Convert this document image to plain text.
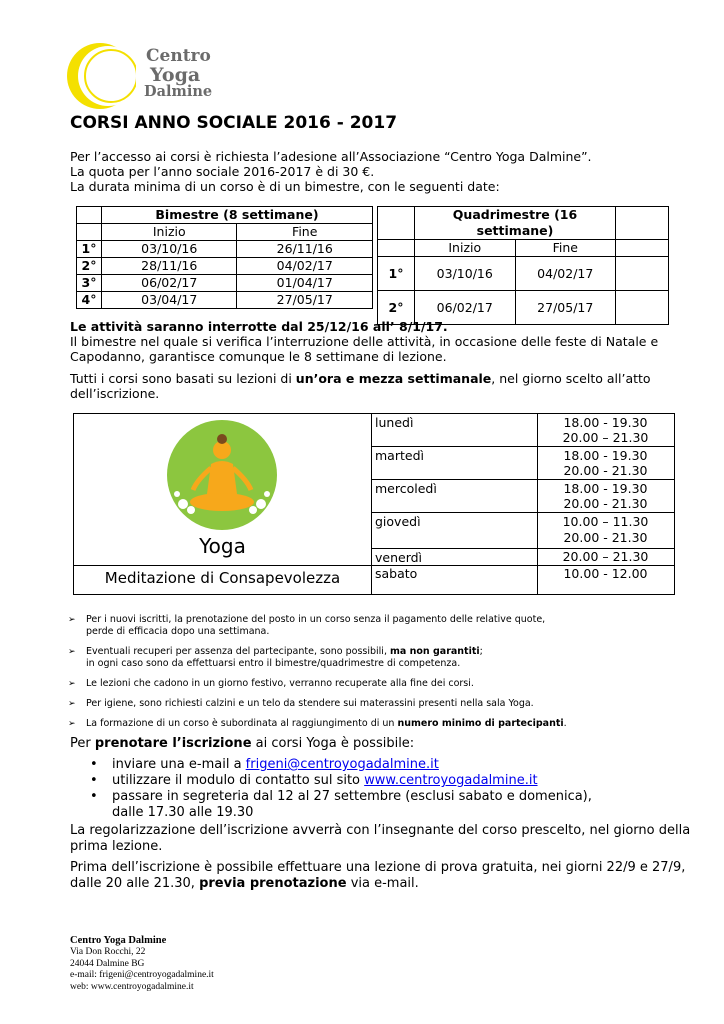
Centro
Yoga
Dalmine
CORSI ANNO SOCIALE 2016 - 2017
Per l’accesso ai corsi è richiesta l’adesione all’Associazione “Centro Yoga Dalmine”.
La quota per l’anno sociale 2016-2017 è di 30 €.
La durata minima di un corso è di un bimestre, con le seguenti date:
	Bimestre (8 settimane)	
	Inizio	Fine
1°	03/10/16	26/11/16
2°	28/11/16	04/02/17
3°	06/02/17	01/04/17
4°	03/04/17	27/05/17
	Quadrimestre (16 settimane)		
	Inizio	Fine	
1°	03/10/16	04/02/17	
2°	06/02/17	27/05/17	
Le attività saranno interrotte dal 25/12/16 all’ 8/1/17.
Il bimestre nel quale si verifica l’interruzione delle attività, in occasione delle feste di Natale e
Capodanno, garantisce comunque le 8 settimane di lezione.
Tutti i corsi sono basati su lezioni di un’ora e mezza settimanale, nel giorno scelto all’atto
dell’iscrizione.
Yoga
Meditazione di Consapevolezza
lunedì	18.00 - 19.30
20.00 – 21.30
martedì	18.00 - 19.30
20.00 - 21.30
mercoledì	18.00 - 19.30
20.00 - 21.30
giovedì	10.00 – 11.30
20.00 - 21.30
venerdì	20.00 – 21.30
sabato	10.00 - 12.00
➢ Per i nuovi iscritti, la prenotazione del posto in un corso senza il pagamento delle relative quote,
perde di efficacia dopo una settimana.
➢ Eventuali recuperi per assenza del partecipante, sono possibili, ma non garantiti;
in ogni caso sono da effettuarsi entro il bimestre/quadrimestre di competenza.
➢ Le lezioni che cadono in un giorno festivo, verranno recuperate alla fine dei corsi.
➢ Per igiene, sono richiesti calzini e un telo da stendere sui materassini presenti nella sala Yoga.
➢ La formazione di un corso è subordinata al raggiungimento di un numero minimo di partecipanti.
Per prenotare l’iscrizione ai corsi Yoga è possibile:
• inviare una e-mail a frigeni@centroyogadalmine.it
• utilizzare il modulo di contatto sul sito www.centroyogadalmine.it
• passare in segreteria dal 12 al 27 settembre (esclusi sabato e domenica),
dalle 17.30 alle 19.30
La regolarizzazione dell’iscrizione avverrà con l’insegnante del corso prescelto, nel giorno della
prima lezione.
Prima dell’iscrizione è possibile effettuare una lezione di prova gratuita, nei giorni 22/9 e 27/9,
dalle 20 alle 21.30, previa prenotazione via e-mail.
Centro Yoga Dalmine
Via Don Rocchi, 22
24044 Dalmine BG
e-mail: frigeni@centroyogadalmine.it
web: www.centroyogadalmine.it
